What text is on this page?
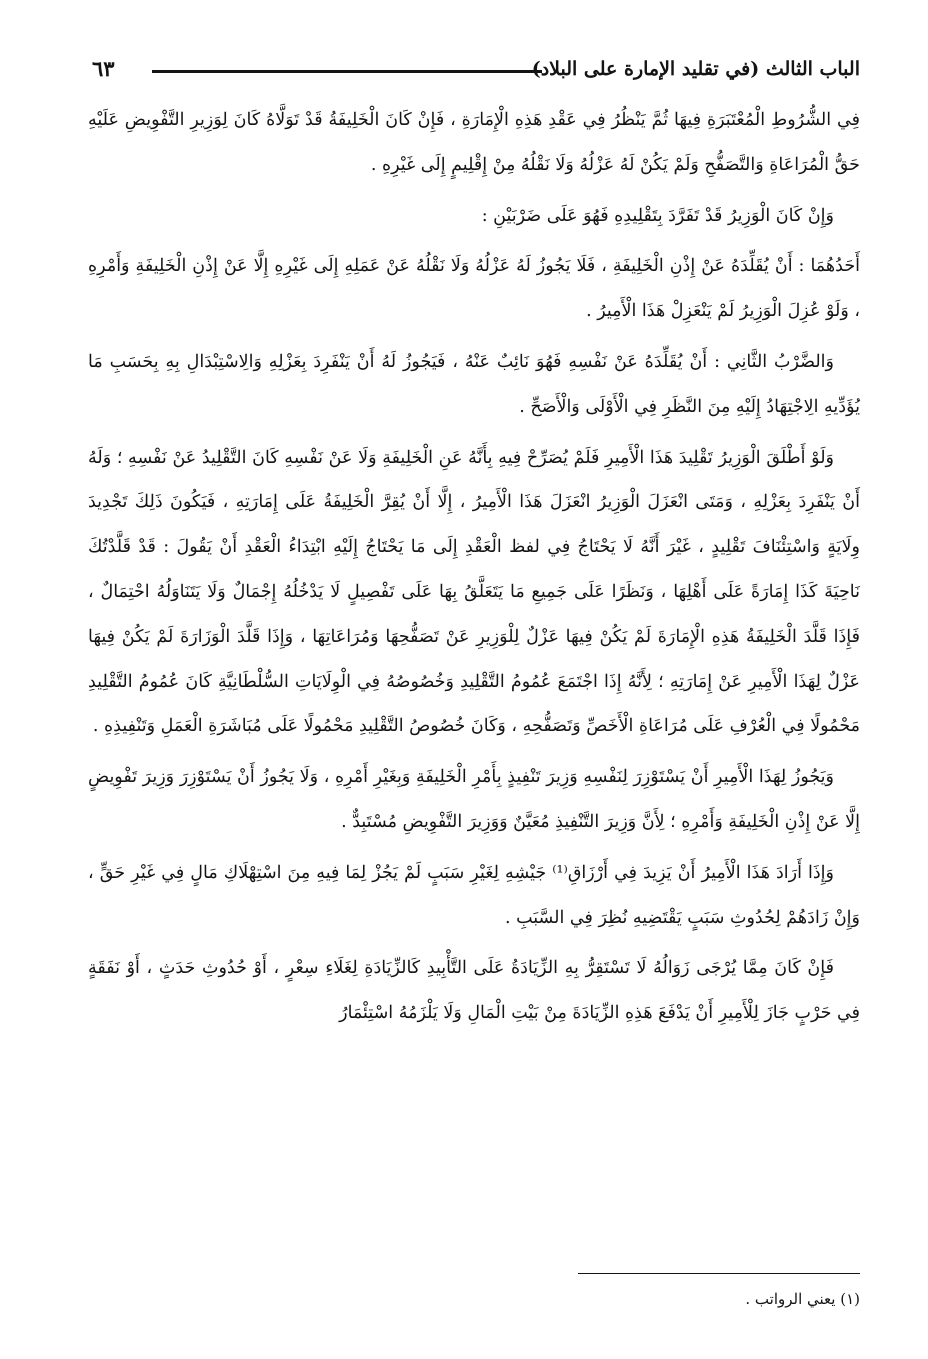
الباب الثالث (في تقليد الإمارة على البلاد)
٦٣

فِي الشُّرُوطِ الْمُعْتَبَرَةِ فِيهَا ثُمَّ يَنْظُرُ فِي عَقْدِ هَذِهِ الْإِمَارَةِ ، فَإِنْ كَانَ الْخَلِيفَةُ قَدْ تَوَلَّاهُ كَانَ لِوَزِيرِ التَّفْوِيضِ عَلَيْهِ حَقُّ الْمُرَاعَاةِ وَالتَّصَفُّحِ وَلَمْ يَكُنْ لَهُ عَزْلُهُ وَلَا نَقْلُهُ مِنْ إِقْلِيمٍ إِلَى غَيْرِهِ .

وَإِنْ كَانَ الْوَزِيرُ قَدْ تَفَرَّدَ بِتَقْلِيدِهِ فَهُوَ عَلَى ضَرْبَيْنِ :

أَحَدُهُمَا : أَنْ يُقَلِّدَهُ عَنْ إِذْنِ الْخَلِيفَةِ ، فَلَا يَجُوزُ لَهُ عَزْلُهُ وَلَا نَقْلُهُ عَنْ عَمَلِهِ إِلَى غَيْرِهِ إِلَّا عَنْ إِذْنِ الْخَلِيفَةِ وَأَمْرِهِ ، وَلَوْ عُزِلَ الْوَزِيرُ لَمْ يَنْعَزِلْ هَذَا الْأَمِيرُ .

وَالضَّرْبُ الثَّانِي : أَنْ يُقَلِّدَهُ عَنْ نَفْسِهِ فَهُوَ نَائِبٌ عَنْهُ ، فَيَجُوزُ لَهُ أَنْ يَنْفَرِدَ بِعَزْلِهِ وَالِاسْتِبْدَالِ بِهِ بِحَسَبِ مَا يُؤَدِّيهِ الِاجْتِهَادُ إِلَيْهِ مِنَ النَّظَرِ فِي الْأَوْلَى وَالْأَصَحِّ .

وَلَوْ أَطْلَقَ الْوَزِيرُ تَقْلِيدَ هَذَا الْأَمِيرِ فَلَمْ يُصَرِّحْ فِيهِ بِأَنَّهُ عَنِ الْخَلِيفَةِ وَلَا عَنْ نَفْسِهِ كَانَ التَّقْلِيدُ عَنْ نَفْسِهِ ؛ وَلَهُ أَنْ يَنْفَرِدَ بِعَزْلِهِ ، وَمَتَى انْعَزَلَ الْوَزِيرُ انْعَزَلَ هَذَا الْأَمِيرُ ، إِلَّا أَنْ يُقِرَّ الْخَلِيفَةُ عَلَى إِمَارَتِهِ ، فَيَكُونَ ذَلِكَ تَجْدِيدَ وِلَايَةٍ وَاسْتِئْنَافَ تَقْلِيدٍ ، غَيْرَ أَنَّهُ لَا يَحْتَاجُ فِي لفظ الْعَقْدِ إِلَى مَا يَحْتَاجُ إِلَيْهِ ابْتِدَاءُ الْعَقْدِ أَنْ يَقُولَ : قَدْ قَلَّدْتُكَ نَاحِيَةَ كَذَا إِمَارَةً عَلَى أَهْلِهَا ، وَنَظَرًا عَلَى جَمِيعِ مَا يَتَعَلَّقُ بِهَا عَلَى تَفْصِيلٍ لَا يَدْخُلُهُ إِجْمَالٌ وَلَا يَتَنَاوَلُهُ احْتِمَالٌ ، فَإِذَا قَلَّدَ الْخَلِيفَةُ هَذِهِ الْإِمَارَةَ لَمْ يَكُنْ فِيهَا عَزْلٌ لِلْوَزِيرِ عَنْ تَصَفُّحِهَا وَمُرَاعَاتِهَا ، وَإِذَا قَلَّدَ الْوَزَارَةَ لَمْ يَكُنْ فِيهَا عَزْلٌ لِهَذَا الْأَمِيرِ عَنْ إِمَارَتِهِ ؛ لِأَنَّهُ إِذَا اجْتَمَعَ عُمُومُ التَّقْلِيدِ وَخُصُوصُهُ فِي الْوِلَايَاتِ السُّلْطَانِيَّةِ كَانَ عُمُومُ التَّقْلِيدِ مَحْمُولًا فِي الْعُرْفِ عَلَى مُرَاعَاةِ الْأَخَصِّ وَتَصَفُّحِهِ ، وَكَانَ خُصُوصُ التَّقْلِيدِ مَحْمُولًا عَلَى مُبَاشَرَةِ الْعَمَلِ وَتَنْفِيذِهِ .

وَيَجُوزُ لِهَذَا الْأَمِيرِ أَنْ يَسْتَوْزِرَ لِنَفْسِهِ وَزِيرَ تَنْفِيذٍ بِأَمْرِ الْخَلِيفَةِ وَبِغَيْرِ أَمْرِهِ ، وَلَا يَجُوزُ أَنْ يَسْتَوْزِرَ وَزِيرَ تَفْوِيضٍ إِلَّا عَنْ إِذْنِ الْخَلِيفَةِ وَأَمْرِهِ ؛ لِأَنَّ وَزِيرَ التَّنْفِيذِ مُعَيَّنٌ وَوَزِيرَ التَّفْوِيضِ مُسْتَبِدٌّ .

وَإِذَا أَرَادَ هَذَا الْأَمِيرُ أَنْ يَزِيدَ فِي أَرْزَاقِ⁽¹⁾ جَيْشِهِ لِغَيْرِ سَبَبٍ لَمْ يَجُزْ لِمَا فِيهِ مِنَ اسْتِهْلَاكِ مَالٍ فِي غَيْرِ حَقٍّ ، وَإِنْ زَادَهُمْ لِحُدُوثِ سَبَبٍ يَقْتَضِيهِ نُظِرَ فِي السَّبَبِ .

فَإِنْ كَانَ مِمَّا يُرْجَى زَوَالُهُ لَا تَسْتَقِرُّ بِهِ الزِّيَادَةُ عَلَى التَّأْبِيدِ كَالزِّيَادَةِ لِغَلَاءِ سِعْرٍ ، أَوْ حُدُوثِ حَدَثٍ ، أَوْ نَفَقَةٍ فِي حَرْبٍ جَازَ لِلْأَمِيرِ أَنْ يَدْفَعَ هَذِهِ الزِّيَادَةَ مِنْ بَيْتِ الْمَالِ وَلَا يَلْزَمُهُ اسْتِئْمَارُ

(١) يعني الرواتب .
